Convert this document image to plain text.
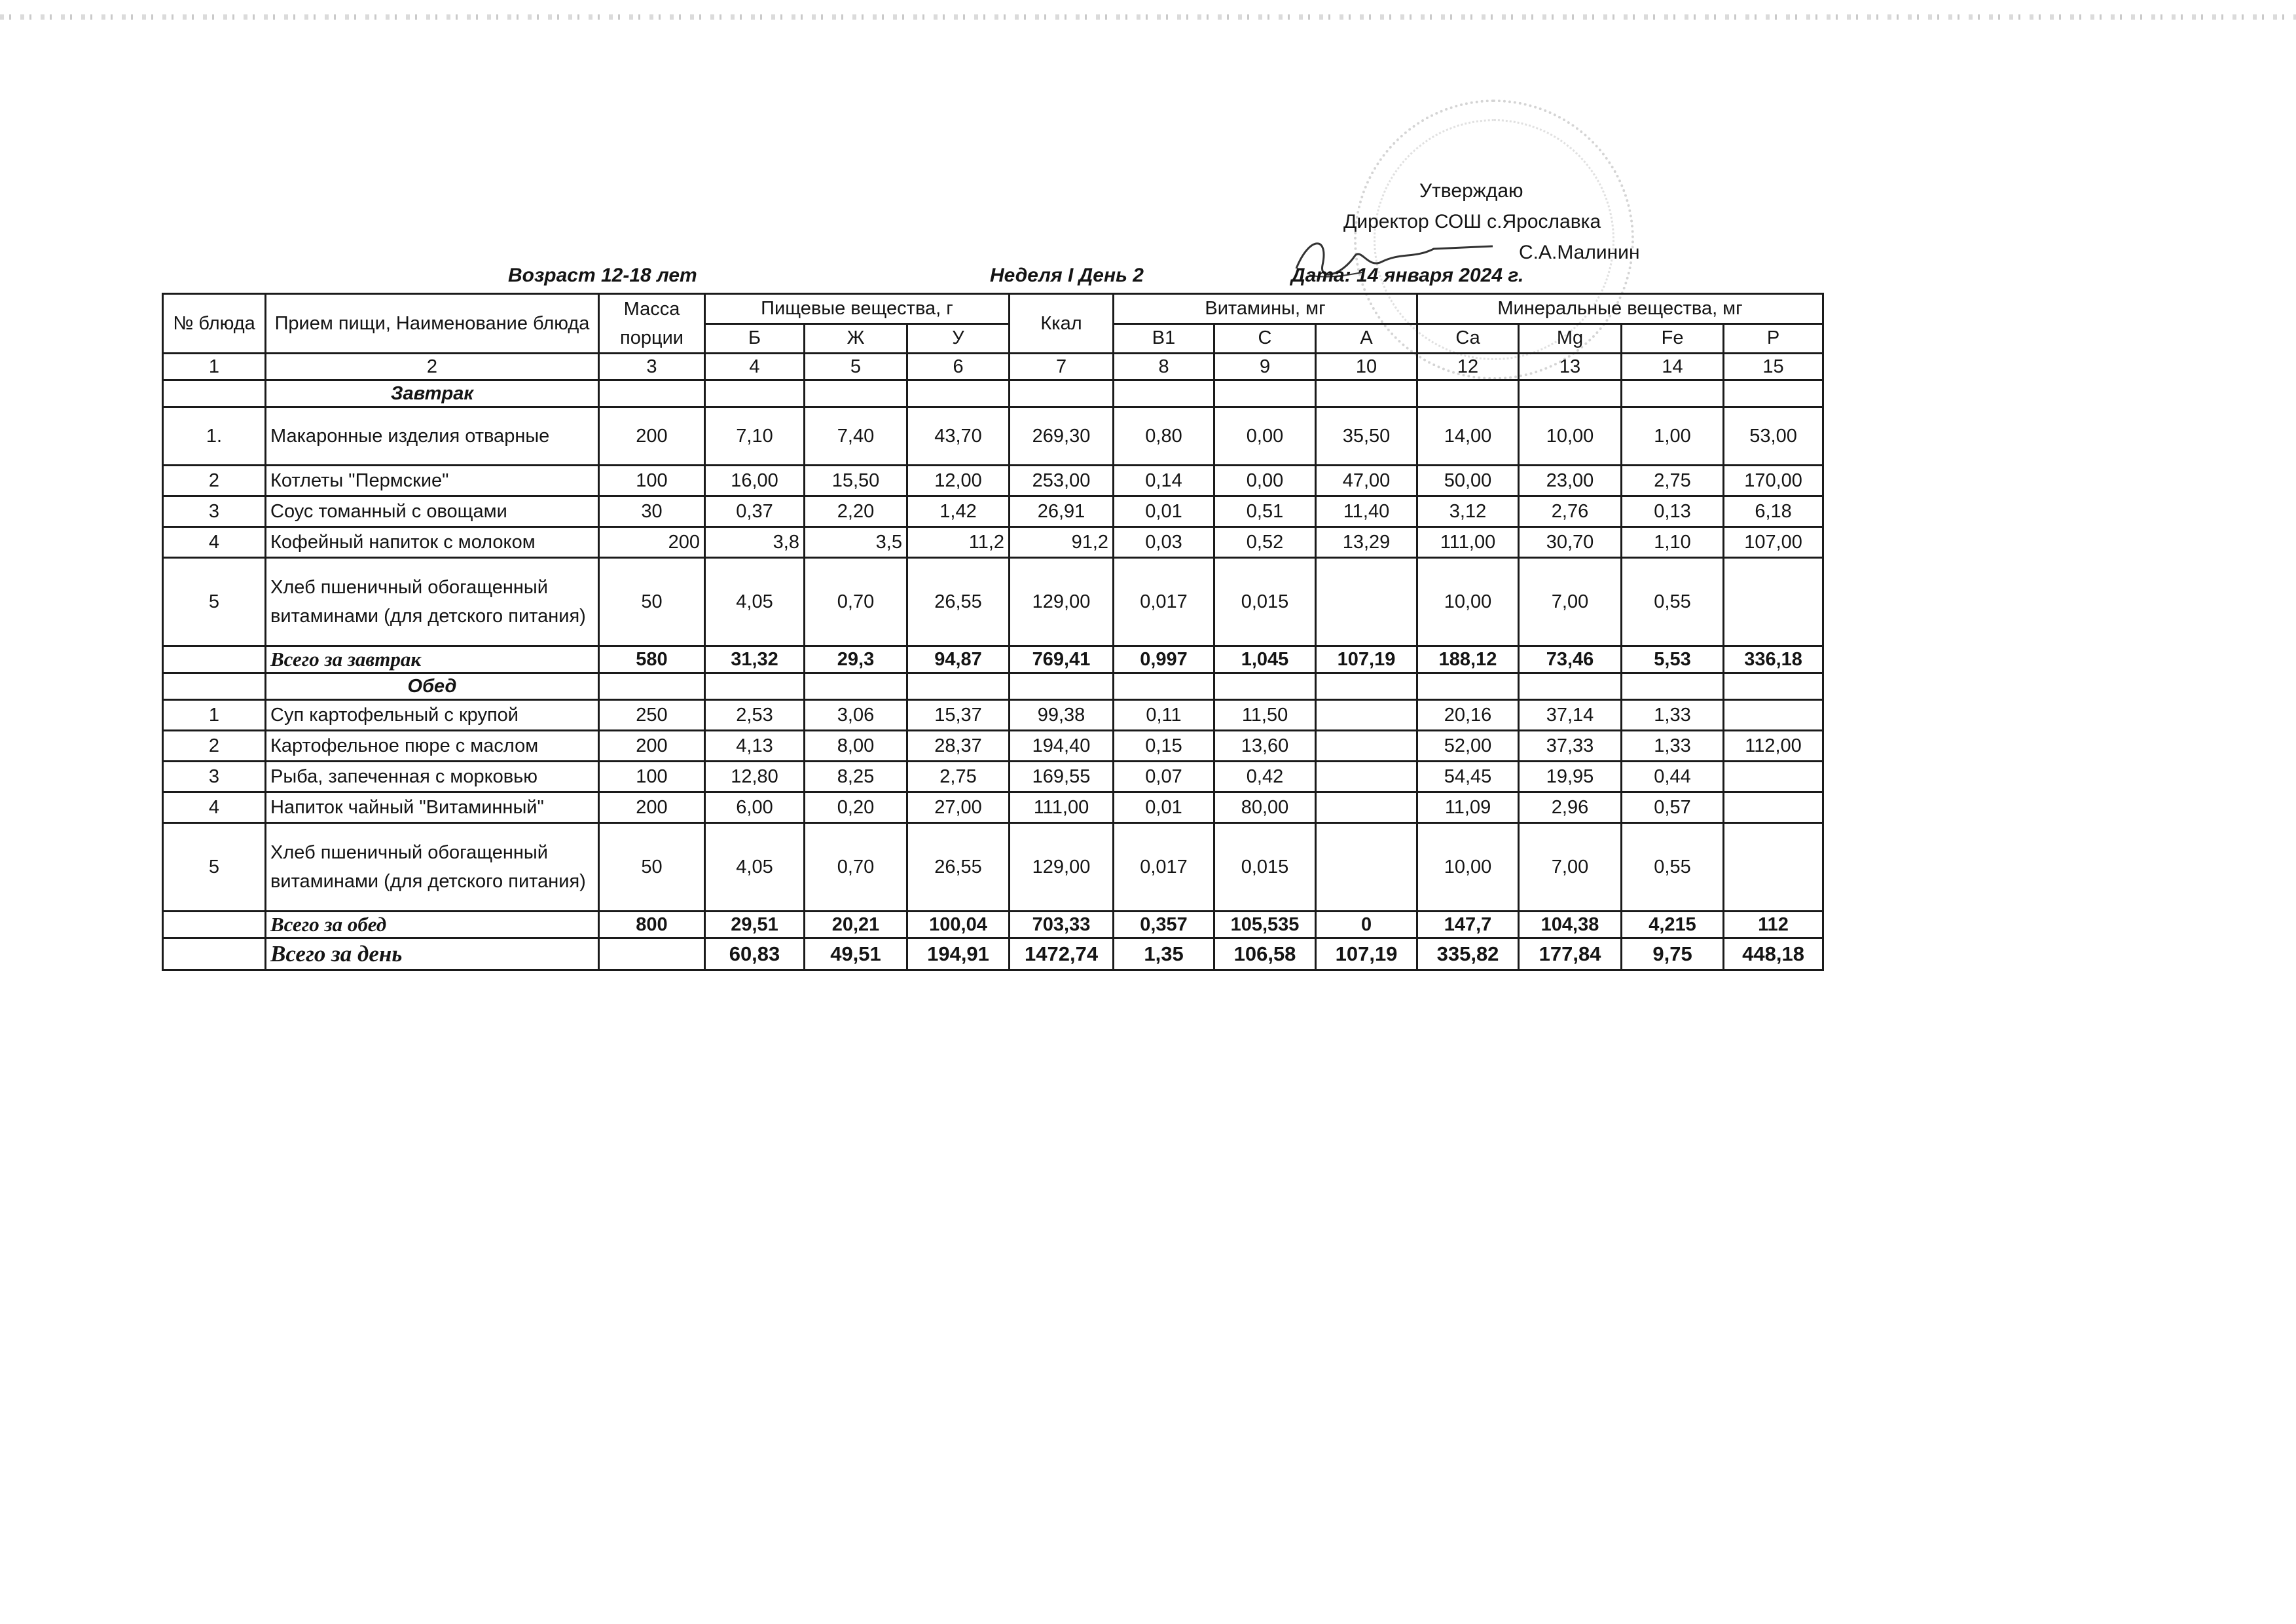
Утверждаю
Директор СОШ с.Ярославка
С.А.Малинин
Возраст 12-18 лет	Неделя I День 2	Дата: 14 января 2024 г.
№ блюда	Прием пищи, Наименование блюда	Масса порции	Пищевые вещества, г			Ккал	Витамины, мг			Минеральные вещества, мг			
			Б	Ж	У		В1	С	А	Са	Mg	Fe	Р
1	2	3	4	5	6	7	8	9	10	12	13	14	15
	Завтрак												
1.	Макаронные изделия отварные	200	7,10	7,40	43,70	269,30	0,80	0,00	35,50	14,00	10,00	1,00	53,00
2	Котлеты "Пермские"	100	16,00	15,50	12,00	253,00	0,14	0,00	47,00	50,00	23,00	2,75	170,00
3	Соус томанный с овощами	30	0,37	2,20	1,42	26,91	0,01	0,51	11,40	3,12	2,76	0,13	6,18
4	Кофейный напиток с молоком	200	3,8	3,5	11,2	91,2	0,03	0,52	13,29	111,00	30,70	1,10	107,00
5	Хлеб пшеничный обогащенный витаминами (для детского питания)	50	4,05	0,70	26,55	129,00	0,017	0,015		10,00	7,00	0,55	
	Всего за завтрак	580	31,32	29,3	94,87	769,41	0,997	1,045	107,19	188,12	73,46	5,53	336,18
	Обед												
1	Суп картофельный с крупой	250	2,53	3,06	15,37	99,38	0,11	11,50		20,16	37,14	1,33	
2	Картофельное пюре с маслом	200	4,13	8,00	28,37	194,40	0,15	13,60		52,00	37,33	1,33	112,00
3	Рыба, запеченная с морковью	100	12,80	8,25	2,75	169,55	0,07	0,42		54,45	19,95	0,44	
4	Напиток чайный "Витаминный"	200	6,00	0,20	27,00	111,00	0,01	80,00		11,09	2,96	0,57	
5	Хлеб пшеничный обогащенный витаминами (для детского питания)	50	4,05	0,70	26,55	129,00	0,017	0,015		10,00	7,00	0,55	
	Всего за обед	800	29,51	20,21	100,04	703,33	0,357	105,535	0	147,7	104,38	4,215	112
	Всего за день		60,83	49,51	194,91	1472,74	1,35	106,58	107,19	335,82	177,84	9,75	448,18
